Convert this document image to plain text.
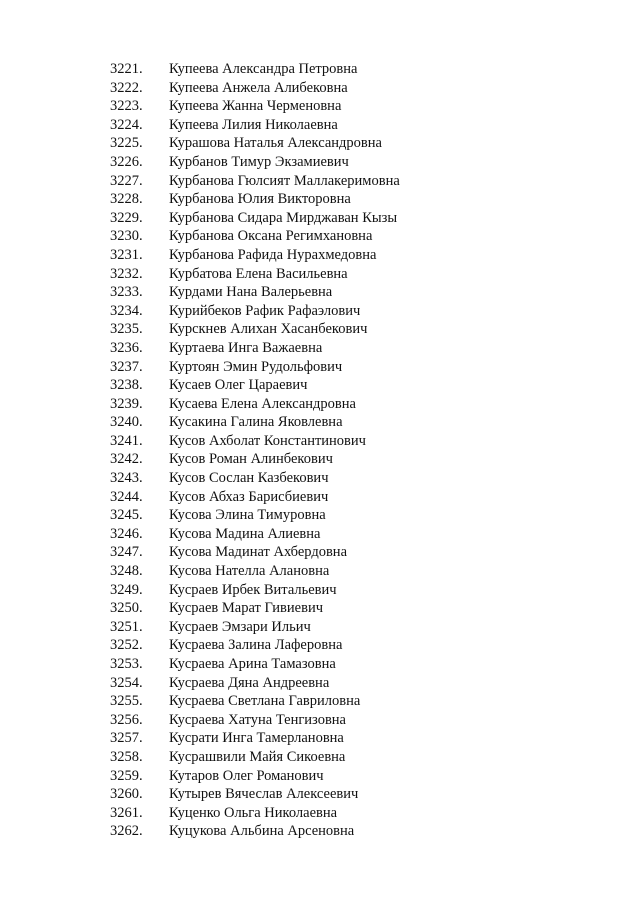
3221. Купеева Александра Петровна
3222. Купеева Анжела Алибековна
3223. Купеева Жанна Черменовна
3224. Купеева Лилия Николаевна
3225. Курашова Наталья Александровна
3226. Курбанов Тимур Экзамиевич
3227. Курбанова Гюлсият Маллакеримовна
3228. Курбанова Юлия Викторовна
3229. Курбанова Сидара Мирджаван Кызы
3230. Курбанова Оксана Регимхановна
3231. Курбанова Рафида Нурахмедовна
3232. Курбатова Елена Васильевна
3233. Курдами Нана Валерьевна
3234. Курийбеков Рафик Рафаэлович
3235. Курскнев Алихан Хасанбекович
3236. Куртаева Инга Важаевна
3237. Куртоян Эмин Рудольфович
3238. Кусаев Олег Цараевич
3239. Кусаева Елена Александровна
3240. Кусакина Галина Яковлевна
3241. Кусов Ахболат Константинович
3242. Кусов Роман Алинбекович
3243. Кусов Сослан Казбекович
3244. Кусов Абхаз Барисбиевич
3245. Кусова Элина Тимуровна
3246. Кусова Мадина Алиевна
3247. Кусова Мадинат Ахбердовна
3248. Кусова Нателла Алановна
3249. Кусраев Ирбек Витальевич
3250. Кусраев Марат Гивиевич
3251. Кусраев Эмзари Ильич
3252. Кусраева Залина Лаферовна
3253. Кусраева Арина Тамазовна
3254. Кусраева Дяна Андреевна
3255. Кусраева Светлана Гавриловна
3256. Кусраева Хатуна Тенгизовна
3257. Кусрати Инга Тамерлановна
3258. Кусрашвили Майя Сикоевна
3259. Кутаров Олег Романович
3260. Кутырев Вячеслав Алексеевич
3261. Куценко Ольга Николаевна
3262. Куцукова Альбина Арсеновна
